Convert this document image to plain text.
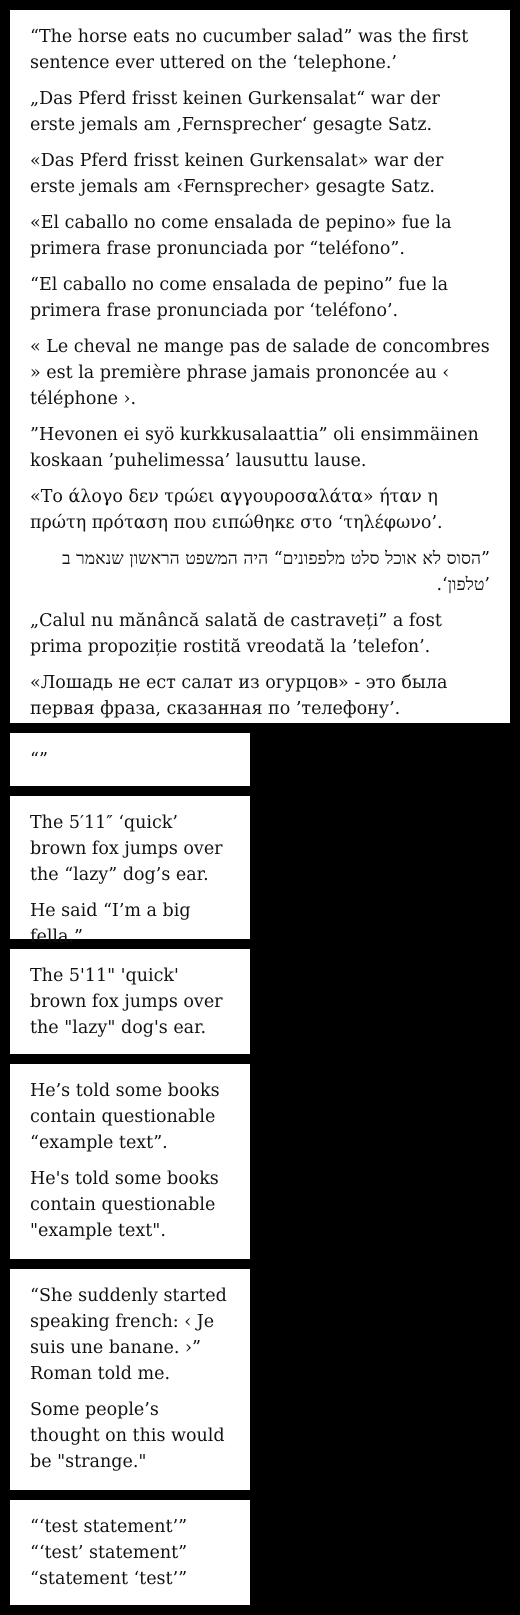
“The horse eats no cucumber salad” was the first sentence ever uttered on the ‘telephone.’

„Das Pferd frisst keinen Gurkensalat“ war der erste jemals am ‚Fernsprecher‘ gesagte Satz.

«Das Pferd frisst keinen Gurkensalat» war der erste jemals am ‹Fernsprecher› gesagte Satz.

«El caballo no come ensalada de pepino» fue la primera frase pronunciada por “teléfono”.

“El caballo no come ensalada de pepino” fue la primera frase pronunciada por ‘teléfono’.

« Le cheval ne mange pas de salade de concombres » est la première phrase jamais prononcée au ‹ téléphone ›.

”Hevonen ei syö kurkkusalaattia” oli ensimmäinen koskaan ’puhelimessa’ lausuttu lause.

«Το άλογο δεν τρώει αγγουροσαλάτα» ήταν η πρώτη πρόταση που ειπώθηκε στο ‘τηλέφωνο’.

”הסוס לא אוכל סלט מלפפונים“ היה המשפט הראשון שנאמר ב ’טלפון‘.

„Calul nu mănâncă salată de castraveți” a fost prima propoziție rostită vreodată la ’telefon’.

«Лошадь не ест салат из огурцов» - это была первая фраза, сказанная по ’телефону’.

“”

The 5′11″ ‘quick’ brown fox jumps over the “lazy” dog’s ear.

He said “I’m a big fella.”

The 5'11" 'quick' brown fox jumps over the "lazy" dog's ear.

He’s told some books contain questionable “example text”.

He's told some books contain questionable "example text".

“She suddenly started speaking french: ‹ Je suis une banane. ›” Roman told me.

Some people’s thought on this would be "strange."

“‘test statement’”
“‘test’ statement”
“statement ‘test’”
